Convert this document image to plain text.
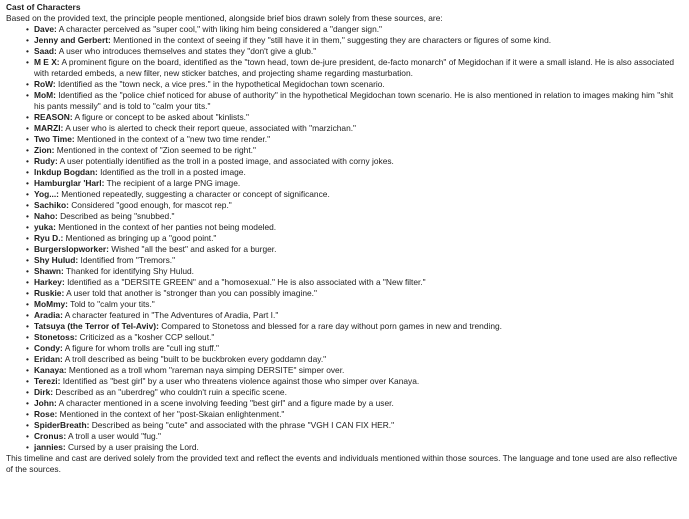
Cast of Characters

Based on the provided text, the principle people mentioned, alongside brief bios drawn solely from these sources, are:

• Dave: A character perceived as "super cool," with liking him being considered a "danger sign."
• Jenny and Gerbert: Mentioned in the context of seeing if they "still have it in them," suggesting they are characters or figures of some kind.
• Saad: A user who introduces themselves and states they "don't give a glub."
• M E X: A prominent figure on the board, identified as the "town head, town de-jure president, de-facto monarch" of Megidochan if it were a small island. He is also associated with retarded embeds, a new filter, new sticker batches, and projecting shame regarding masturbation.
• RoW: Identified as the "town neck, a vice pres." in the hypothetical Megidochan town scenario.
• MoM: Identified as the "police chief noticed for abuse of authority" in the hypothetical Megidochan town scenario. He is also mentioned in relation to images making him "shit his pants messily" and is told to "calm your tits."
• REASON: A figure or concept to be asked about "kinlists."
• MARZI: A user who is alerted to check their report queue, associated with "marzichan."
• Two Time: Mentioned in the context of a "new two time render."
• Zion: Mentioned in the context of "Zion seemed to be right."
• Rudy: A user potentially identified as the troll in a posted image, and associated with corny jokes.
• Inkdup Bogdan: Identified as the troll in a posted image.
• Hamburglar 'Harl: The recipient of a large PNG image.
• Yog...: Mentioned repeatedly, suggesting a character or concept of significance.
• Sachiko: Considered "good enough, for mascot rep."
• Naho: Described as being "snubbed."
• yuka: Mentioned in the context of her panties not being modeled.
• Ryu D.: Mentioned as bringing up a "good point."
• Burgerslopworker: Wished "all the best" and asked for a burger.
• Shy Hulud: Identified from "Tremors."
• Shawn: Thanked for identifying Shy Hulud.
• Harkey: Identified as a "DERSITE GREEN" and a "homosexual." He is also associated with a "New filter."
• Ruskie: A user told that another is "stronger than you can possibly imagine."
• MoMmy: Told to "calm your tits."
• Aradia: A character featured in "The Adventures of Aradia, Part I."
• Tatsuya (the Terror of Tel-Aviv): Compared to Stonetoss and blessed for a rare day without porn games in new and trending.
• Stonetoss: Criticized as a "kosher CCP sellout."
• Condy: A figure for whom trolls are "cull ing stuff."
• Eridan: A troll described as being "built to be buckbroken every goddamn day."
• Kanaya: Mentioned as a troll whom "rareman naya simping DERSITE" simper over.
• Terezi: Identified as "best girl" by a user who threatens violence against those who simper over Kanaya.
• Dirk: Described as an "uberdreg" who couldn't ruin a specific scene.
• John: A character mentioned in a scene involving feeding "best girl" and a figure made by a user.
• Rose: Mentioned in the context of her "post-Skaian enlightenment."
• SpiderBreath: Described as being "cute" and associated with the phrase "VGH I CAN FIX HER."
• Cronus: A troll a user would "fug."
• jannies: Cursed by a user praising the Lord.

This timeline and cast are derived solely from the provided text and reflect the events and individuals mentioned within those sources. The language and tone used are also reflective of the sources.
